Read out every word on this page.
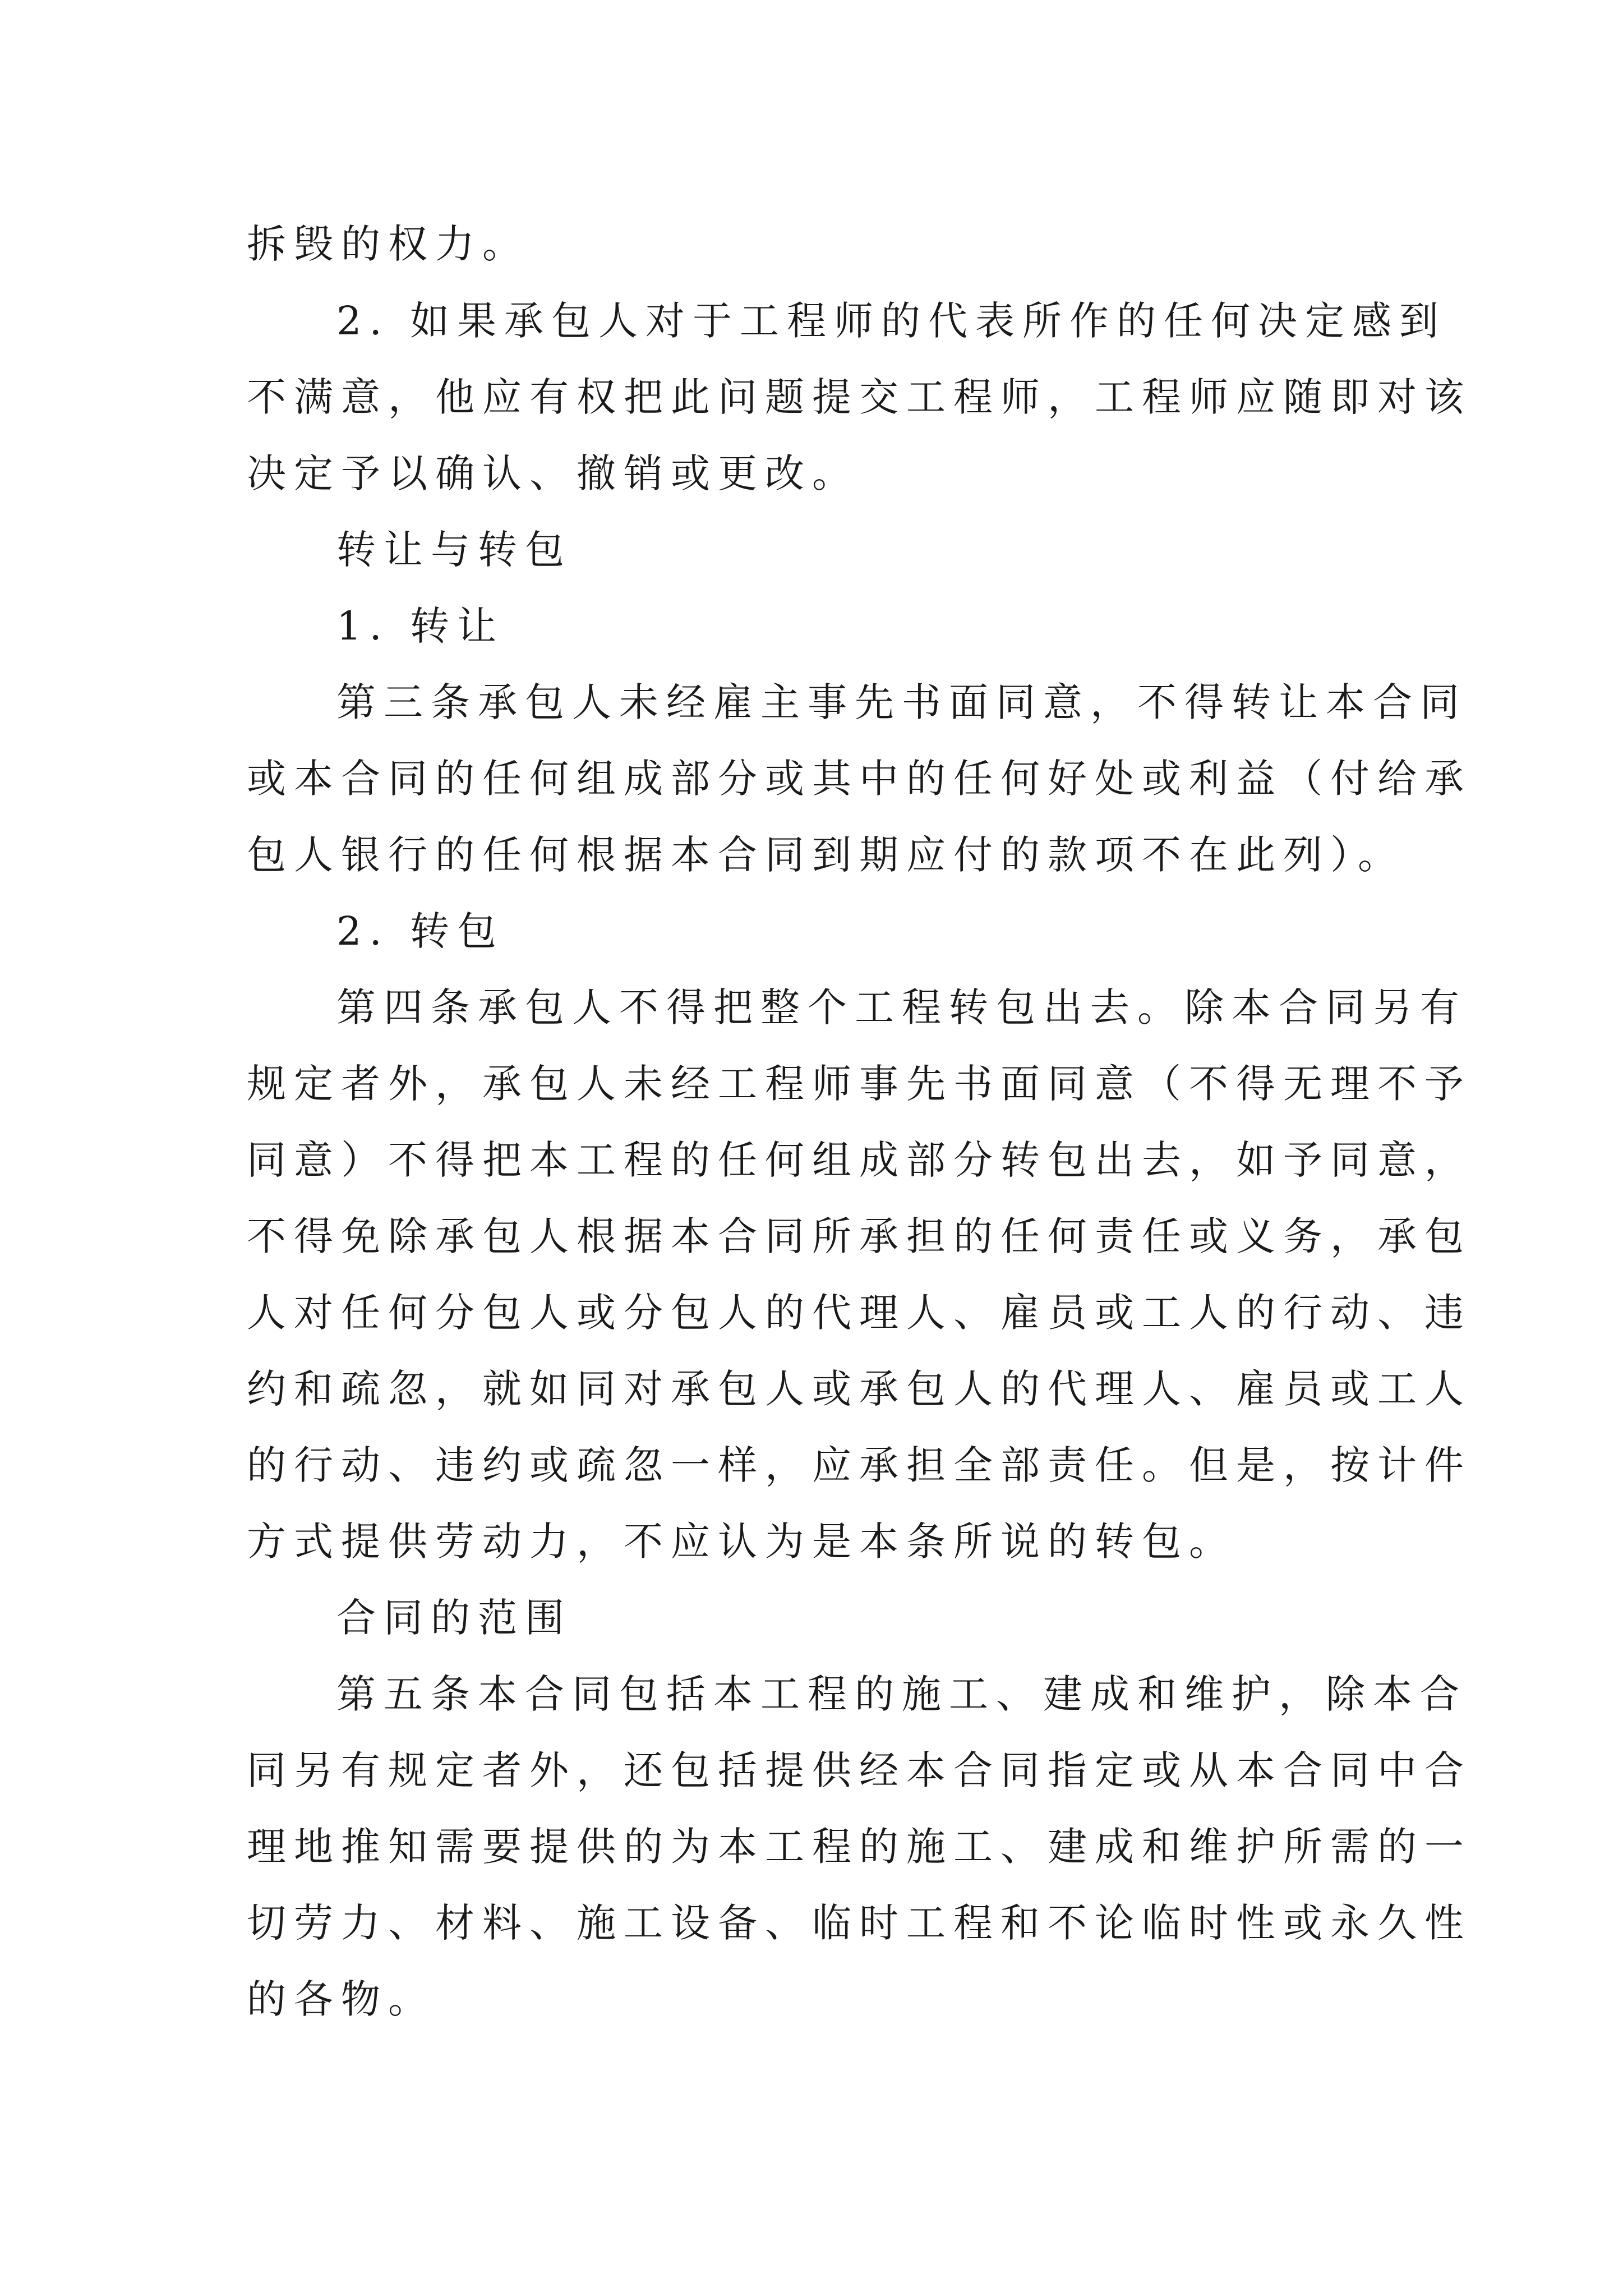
拆毁的权力。
2. 如果承包人对于工程师的代表所作的任何决定感到
不满意，他应有权把此问题提交工程师，工程师应随即对该
决定予以确认、撤销或更改。
转让与转包
1. 转让
第三条承包人未经雇主事先书面同意，不得转让本合同
或本合同的任何组成部分或其中的任何好处或利益（付给承
包人银行的任何根据本合同到期应付的款项不在此列）。
2. 转包
第四条承包人不得把整个工程转包出去。除本合同另有
规定者外，承包人未经工程师事先书面同意（不得无理不予
同意）不得把本工程的任何组成部分转包出去，如予同意，
不得免除承包人根据本合同所承担的任何责任或义务，承包
人对任何分包人或分包人的代理人、雇员或工人的行动、违
约和疏忽，就如同对承包人或承包人的代理人、雇员或工人
的行动、违约或疏忽一样，应承担全部责任。但是，按计件
方式提供劳动力，不应认为是本条所说的转包。
合同的范围
第五条本合同包括本工程的施工、建成和维护，除本合
同另有规定者外，还包括提供经本合同指定或从本合同中合
理地推知需要提供的为本工程的施工、建成和维护所需的一
切劳力、材料、施工设备、临时工程和不论临时性或永久性
的各物。
